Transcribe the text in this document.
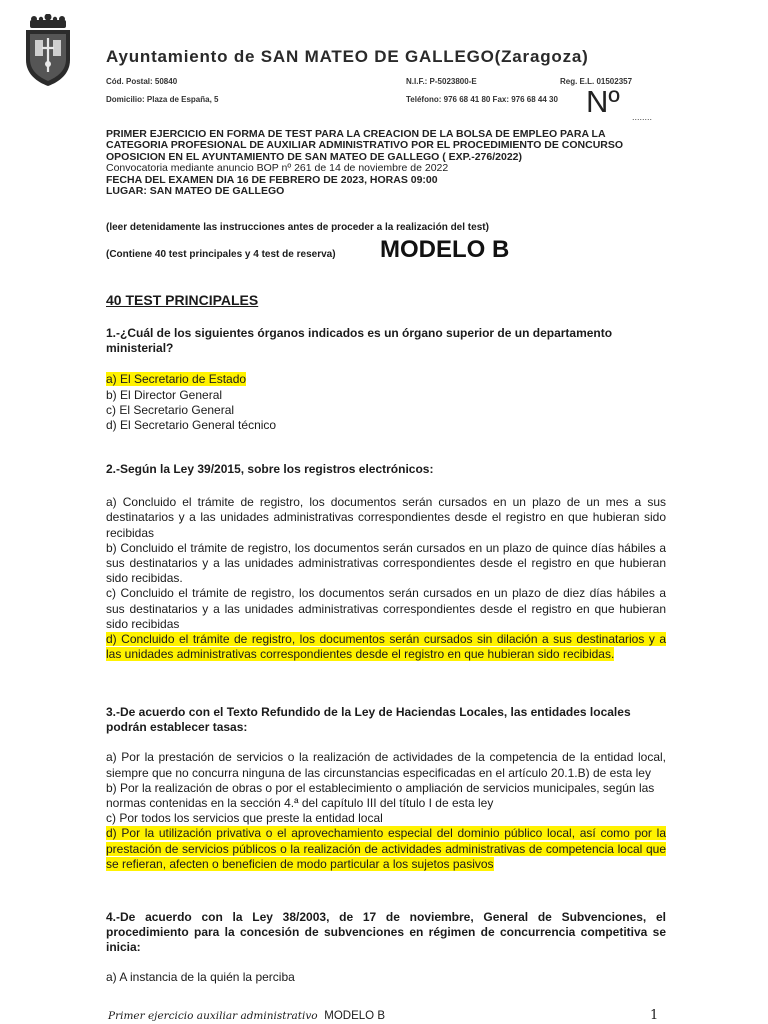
Ayuntamiento de SAN MATEO DE GALLEGO(Zaragoza)
Cód. Postal: 50840	N.I.F.: P-5023800-E	Reg. E.L. 01502357
Domicilio: Plaza de España, 5	Teléfono: 976 68 41 80 Fax: 976 68 44 30 Nº ........
PRIMER EJERCICIO EN FORMA DE TEST PARA LA CREACION DE LA BOLSA DE EMPLEO PARA LA CATEGORIA PROFESIONAL DE AUXILIAR ADMINISTRATIVO POR EL PROCEDIMIENTO DE CONCURSO OPOSICION EN EL AYUNTAMIENTO DE SAN MATEO DE GALLEGO ( EXP.-276/2022)
Convocatoria mediante anuncio BOP nº 261 de 14 de noviembre de 2022
FECHA DEL EXAMEN DIA 16 DE FEBRERO DE 2023, HORAS 09:00
LUGAR: SAN MATEO DE GALLEGO
(leer detenidamente las instrucciones antes de proceder a la realización del test)
(Contiene 40 test principales y 4 test de reserva) MODELO B
40 TEST PRINCIPALES

1.-¿Cuál de los siguientes órganos indicados es un órgano superior de un departamento ministerial?

a) El Secretario de Estado
b) El Director General
c) El Secretario General
d) El Secretario General técnico

2.-Según la Ley 39/2015, sobre los registros electrónicos:

a) Concluido el trámite de registro, los documentos serán cursados en un plazo de un mes a sus destinatarios y a las unidades administrativas correspondientes desde el registro en que hubieran sido recibidas
b) Concluido el trámite de registro, los documentos serán cursados en un plazo de quince días hábiles a sus destinatarios y a las unidades administrativas correspondientes desde el registro en que hubieran sido recibidas.
c) Concluido el trámite de registro, los documentos serán cursados en un plazo de diez días hábiles a sus destinatarios y a las unidades administrativas correspondientes desde el registro en que hubieran sido recibidas
d) Concluido el trámite de registro, los documentos serán cursados sin dilación a sus destinatarios y a las unidades administrativas correspondientes desde el registro en que hubieran sido recibidas.

3.-De acuerdo con el Texto Refundido de la Ley de Haciendas Locales, las entidades locales podrán establecer tasas:

a) Por la prestación de servicios o la realización de actividades de la competencia de la entidad local, siempre que no concurra ninguna de las circunstancias especificadas en el artículo 20.1.B) de esta ley
b) Por la realización de obras o por el establecimiento o ampliación de servicios municipales, según las normas contenidas en la sección 4.ª del capítulo III del título I de esta ley
c) Por todos los servicios que preste la entidad local
d) Por la utilización privativa o el aprovechamiento especial del dominio público local, así como por la prestación de servicios públicos o la realización de actividades administrativas de competencia local que se refieran, afecten o beneficien de modo particular a los sujetos pasivos

4.-De acuerdo con la Ley 38/2003, de 17 de noviembre, General de Subvenciones, el procedimiento para la concesión de subvenciones en régimen de concurrencia competitiva se inicia:

a) A instancia de la quién la perciba
Primer ejercicio auxiliar administrativo MODELO B	1
